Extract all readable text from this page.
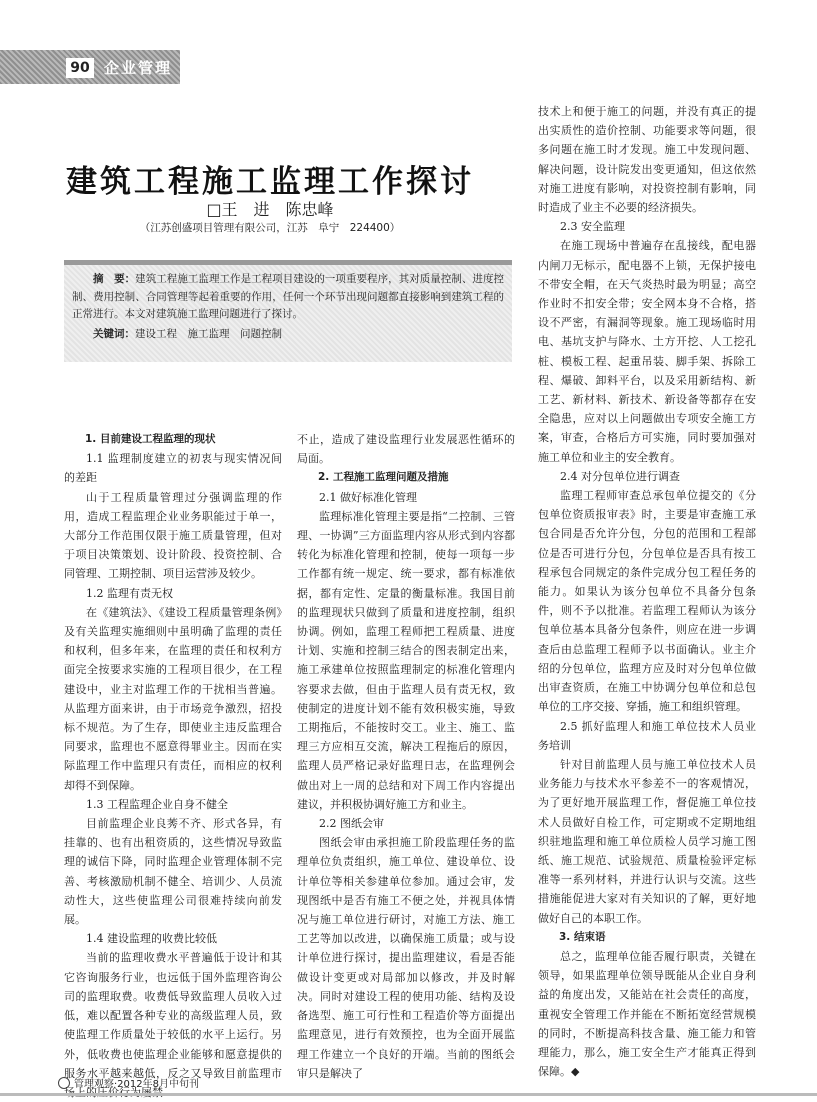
90 企业管理
建筑工程施工监理工作探讨
□王　进　陈忠峰
（江苏创盛项目管理有限公司，江苏　阜宁　224400）

摘　要：建筑工程施工监理工作是工程项目建设的一项重要程序，其对质量控制、进度控制、费用控制、合同管理等起着重要的作用，任何一个环节出现问题都直接影响到建筑工程的正常进行。本文对建筑施工监理问题进行了探讨。

关键词：建设工程　施工监理　问题控制

1. 目前建设工程监理的现状
1.1 监理制度建立的初衷与现实情况间的差距

山于工程质量管理过分强调监理的作用，造成工程监理企业业务职能过于单一，大部分工作范围仅限于施工质量管理，但对于项目决策策划、设计阶段、投资控制、合同管理、工期控制、项目运营涉及较少。

1.2 监理有责无权

在《建筑法》、《建设工程质量管理条例》及有关监理实施细则中虽明确了监理的责任和权利，但多年来，在监理的责任和权利方面完全按要求实施的工程项目很少，在工程建设中，业主对监理工作的干扰相当普遍。从监理方面来讲，由于市场竞争激烈，招投标不规范。为了生存，即使业主违反监理合同要求，监理也不愿意得罪业主。因而在实际监理工作中监理只有责任，而相应的权利却得不到保障。

1.3 工程监理企业自身不健全

目前监理企业良莠不齐、形式各异，有挂靠的、也有出租资质的，这些情况导致监理的诚信下降，同时监理企业管理体制不完善、考核激励机制不健全、培训少、人员流动性大，这些使监理公司很难持续向前发展。

1.4 建设监理的收费比较低

当前的监理收费水平普遍低于设计和其它咨询服务行业，也远低于国外监理咨询公司的监理取费。收费低导致监理人员收入过低，难以配置各种专业的高级监理人员，致使监理工作质量处于较低的水平上运行。另外，低收费也使监理企业能够和愿意提供的服务水平越来越低，反之又导致目前监理市

不止，造成了建设监理行业发展恶性循环的局面。

2. 工程施工监理问题及措施
2.1 做好标准化管理

监理标准化管理主要是指“二控制、三管理、一协调”三方面监理内容从形式到内容都转化为标准化管理和控制，使每一项每一步工作都有统一规定、统一要求，都有标准依据，都有定性、定量的衡量标准。我国目前的监理现状只做到了质量和进度控制，组织协调。例如，监理工程师把工程质量、进度计划、实施和控制三结合的图表制定出来，施工承建单位按照监理制定的标准化管理内容要求去做，但由于监理人员有责无权，致使制定的进度计划不能有效积极实施，导致工期拖后，不能按时交工。业主、施工、监理三方应相互交流，解决工程拖后的原因，监理人员严格记录好监理日志，在监理例会做出对上一周的总结和对下周工作内容提出建议，并积极协调好施工方和业主。

2.2 图纸会审

图纸会审由承担施工阶段监理任务的监理单位负责组织，施工单位、建设单位、设计单位等相关参建单位参加。通过会审，发现图纸中是否有施工不便之处，并视具体情况与施工单位进行研讨，对施工方法、施工工艺等加以改进，以确保施工质量；或与设计单位进行探讨，提出监理建议，看是否能做设计变更或对局部加以修改，并及时解决。同时对建设工程的使用功能、结构及设备选型、施工可行性和工程造价等方面提出监理意见，进行有效预控，也为全面开展监理工作建立一个良好的开端。当前的图纸会审只是解决了

技术上和便于施工的问题，并没有真正的提出实质性的造价控制、功能要求等问题，很多问题在施工时才发现。施工中发现问题、解决问题，设计院发出变更通知，但这依然对施工进度有影响，对投资控制有影响，同时造成了业主不必要的经济损失。

2.3 安全监理

在施工现场中普遍存在乱接线，配电器内闸刀无标示，配电器不上锁，无保护接电不带安全帽，在天气炎热时最为明显；高空作业时不扣安全带；安全网本身不合格，搭设不严密，有漏洞等现象。施工现场临时用电、基坑支护与降水、土方开挖、人工挖孔桩、模板工程、起重吊装、脚手架、拆除工程、爆破、卸料平台，以及采用新结构、新工艺、新材料、新技术、新设备等都存在安全隐患，应对以上问题做出专项安全施工方案，审查，合格后方可实施，同时要加强对施工单位和业主的安全教育。

2.4 对分包单位进行调查

监理工程师审查总承包单位提交的《分包单位资质报审表》时，主要是审查施工承包合同是否允许分包，分包的范围和工程部位是否可进行分包，分包单位是否具有按工程承包合同规定的条件完成分包工程任务的能力。如果认为该分包单位不具备分包条件，则不予以批准。若监理工程师认为该分包单位基本具备分包条件，则应在进一步调查后由总监理工程师予以书面确认。业主介绍的分包单位，监理方应及时对分包单位做出审查资质，在施工中协调分包单位和总包单位的工序交接、穿插，施工和组织管理。

2.5 抓好监理人和施工单位技术人员业务培训

针对目前监理人员与施工单位技术人员业务能力与技术水平参差不一的客观情况，为了更好地开展监理工作，督促施工单位技术人员做好自检工作，可定期或不定期地组织驻地监理和施工单位质检人员学习施工图纸、施工规范、试验规范、质量检验评定标准等一系列材料，并进行认识与交流。这些措施能促进大家对有关知识的了解，更好地做好自己的本职工作。

3. 结束语

总之，监理单位能否履行职责，关键在领导，如果监理单位领导既能从企业自身利益的角度出发，又能站在社会责任的高度，重视安全管理工作并能在不断拓宽经营规模的同时，不断提高科技含量、施工能力和管理能力，那么，施工安全生产才能真正得到保障。◆

管理观察·2012年8月中旬刊
